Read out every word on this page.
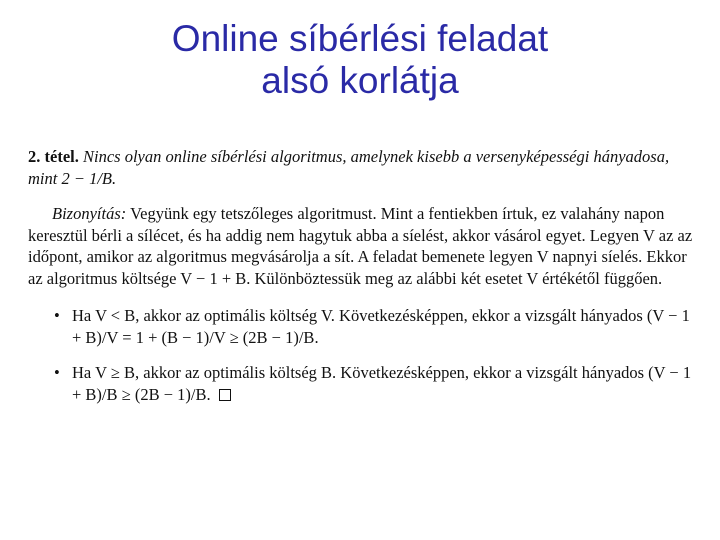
Online síbérlési feladat
alsó korlátja

2. tétel. Nincs olyan online síbérlési algoritmus, amelynek kisebb a versenyképességi hányadosa, mint 2 − 1/B.

Bizonyítás: Vegyünk egy tetszőleges algoritmust. Mint a fentiekben írtuk, ez valahány napon keresztül bérli a sílécet, és ha addig nem hagytuk abba a síelést, akkor vásárol egyet. Legyen V az az időpont, amikor az algoritmus megvásárolja a sít. A feladat bemenete legyen V napnyi síelés. Ekkor az algoritmus költsége V − 1 + B. Különböztessük meg az alábbi két esetet V értékétől függően.

• Ha V < B, akkor az optimális költség V. Következésképpen, ekkor a vizsgált hányados (V − 1 + B)/V = 1 + (B − 1)/V ≥ (2B − 1)/B.
• Ha V ≥ B, akkor az optimális költség B. Következésképpen, ekkor a vizsgált hányados (V − 1 + B)/B ≥ (2B − 1)/B.
